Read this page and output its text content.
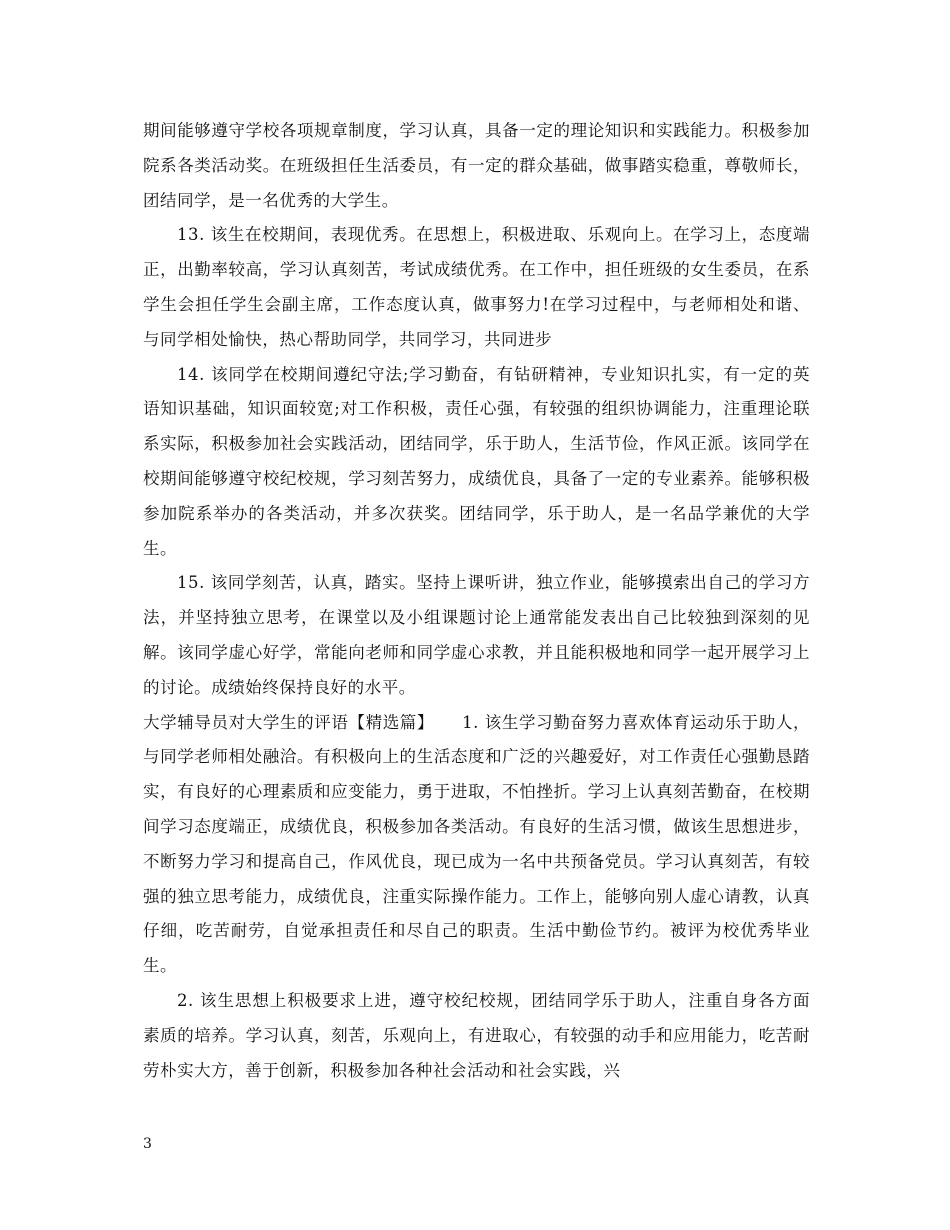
期间能够遵守学校各项规章制度，学习认真，具备一定的理论知识和实践能力。积极参加院系各类活动奖。在班级担任生活委员，有一定的群众基础，做事踏实稳重，尊敬师长，团结同学，是一名优秀的大学生。

13. 该生在校期间，表现优秀。在思想上，积极进取、乐观向上。在学习上，态度端正，出勤率较高，学习认真刻苦，考试成绩优秀。在工作中，担任班级的女生委员，在系学生会担任学生会副主席，工作态度认真，做事努力!在学习过程中，与老师相处和谐、与同学相处愉快，热心帮助同学，共同学习，共同进步

14. 该同学在校期间遵纪守法;学习勤奋，有钻研精神，专业知识扎实，有一定的英语知识基础，知识面较宽;对工作积极，责任心强，有较强的组织协调能力，注重理论联系实际，积极参加社会实践活动，团结同学，乐于助人，生活节俭，作风正派。该同学在校期间能够遵守校纪校规，学习刻苦努力，成绩优良，具备了一定的专业素养。能够积极参加院系举办的各类活动，并多次获奖。团结同学，乐于助人，是一名品学兼优的大学生。

15. 该同学刻苦，认真，踏实。坚持上课听讲，独立作业，能够摸索出自己的学习方法，并坚持独立思考，在课堂以及小组课题讨论上通常能发表出自己比较独到深刻的见解。该同学虚心好学，常能向老师和同学虚心求教，并且能积极地和同学一起开展学习上的讨论。成绩始终保持良好的水平。

大学辅导员对大学生的评语【精选篇】 1. 该生学习勤奋努力喜欢体育运动乐于助人，与同学老师相处融洽。有积极向上的生活态度和广泛的兴趣爱好，对工作责任心强勤恳踏实，有良好的心理素质和应变能力，勇于进取，不怕挫折。学习上认真刻苦勤奋，在校期间学习态度端正，成绩优良，积极参加各类活动。有良好的生活习惯，做该生思想进步，不断努力学习和提高自己，作风优良，现已成为一名中共预备党员。学习认真刻苦，有较强的独立思考能力，成绩优良，注重实际操作能力。工作上，能够向别人虚心请教，认真仔细，吃苦耐劳，自觉承担责任和尽自己的职责。生活中勤俭节约。被评为校优秀毕业生。

2. 该生思想上积极要求上进，遵守校纪校规，团结同学乐于助人，注重自身各方面素质的培养。学习认真，刻苦，乐观向上，有进取心，有较强的动手和应用能力，吃苦耐劳朴实大方，善于创新，积极参加各种社会活动和社会实践，兴

3
